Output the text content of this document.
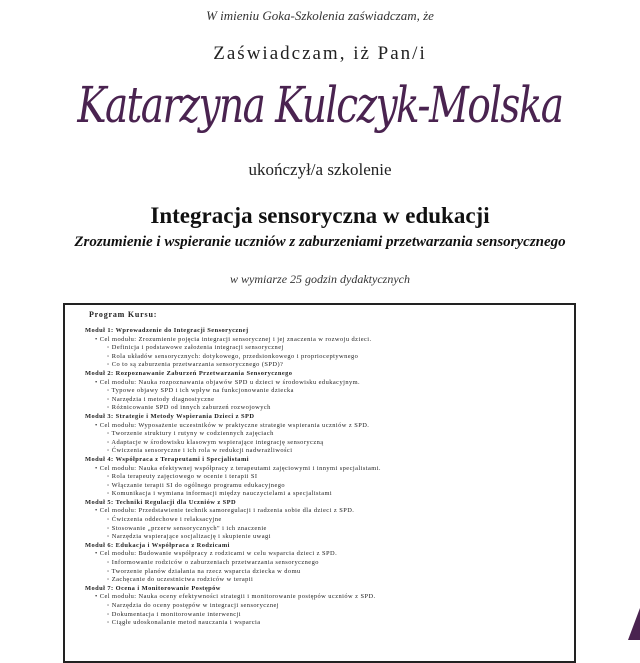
W imieniu Goka-Szkolenia zaświadczam, że
Zaświadczam, iż Pan/i
Katarzyna Kulczyk-Molska
ukończył/a szkolenie
Integracja sensoryczna w edukacji
Zrozumienie i wspieranie uczniów z zaburzeniami przetwarzania sensorycznego
w wymiarze 25 godzin dydaktycznych
Program Kursu:
Moduł 1: Wprowadzenie do Integracji Sensorycznej
• Cel modułu: Zrozumienie pojęcia integracji sensorycznej i jej znaczenia w rozwoju dzieci.
◦ Definicja i podstawowe założenia integracji sensorycznej
◦ Rola układów sensorycznych: dotykowego, przedsionkowego i proprioceptywnego
◦ Co to są zaburzenia przetwarzania sensorycznego (SPD)?
Moduł 2: Rozpoznawanie Zaburzeń Przetwarzania Sensorycznego
• Cel modułu: Nauka rozpoznawania objawów SPD u dzieci w środowisku edukacyjnym.
◦ Typowe objawy SPD i ich wpływ na funkcjonowanie dziecka
◦ Narzędzia i metody diagnostyczne
◦ Różnicowanie SPD od innych zaburzeń rozwojowych
Moduł 3: Strategie i Metody Wspierania Dzieci z SPD
• Cel modułu: Wyposażenie uczestników w praktyczne strategie wspierania uczniów z SPD.
◦ Tworzenie struktury i rutyny w codziennych zajęciach
◦ Adaptacje w środowisku klasowym wspierające integrację sensoryczną
◦ Ćwiczenia sensoryczne i ich rola w redukcji nadwrażliwości
Moduł 4: Współpraca z Terapeutami i Specjalistami
• Cel modułu: Nauka efektywnej współpracy z terapeutami zajęciowymi i innymi specjalistami.
◦ Rola terapeuty zajęciowego w ocenie i terapii SI
◦ Włączanie terapii SI do ogólnego programu edukacyjnego
◦ Komunikacja i wymiana informacji między nauczycielami a specjalistami
Moduł 5: Techniki Regulacji dla Uczniów z SPD
• Cel modułu: Przedstawienie technik samoregulacji i radzenia sobie dla dzieci z SPD.
◦ Ćwiczenia oddechowe i relaksacyjne
◦ Stosowanie „przerw sensorycznych" i ich znaczenie
◦ Narzędzia wspierające socjalizację i skupienie uwagi
Moduł 6: Edukacja i Współpraca z Rodzicami
• Cel modułu: Budowanie współpracy z rodzicami w celu wsparcia dzieci z SPD.
◦ Informowanie rodziców o zaburzeniach przetwarzania sensorycznego
◦ Tworzenie planów działania na rzecz wsparcia dziecka w domu
◦ Zachęcanie do uczestnictwa rodziców w terapii
Moduł 7: Ocena i Monitorowanie Postępów
• Cel modułu: Nauka oceny efektywności strategii i monitorowanie postępów uczniów z SPD.
◦ Narzędzia do oceny postępów w integracji sensorycznej
◦ Dokumentacja i monitorowanie interwencji
◦ Ciągłe udoskonalanie metod nauczania i wsparcia
